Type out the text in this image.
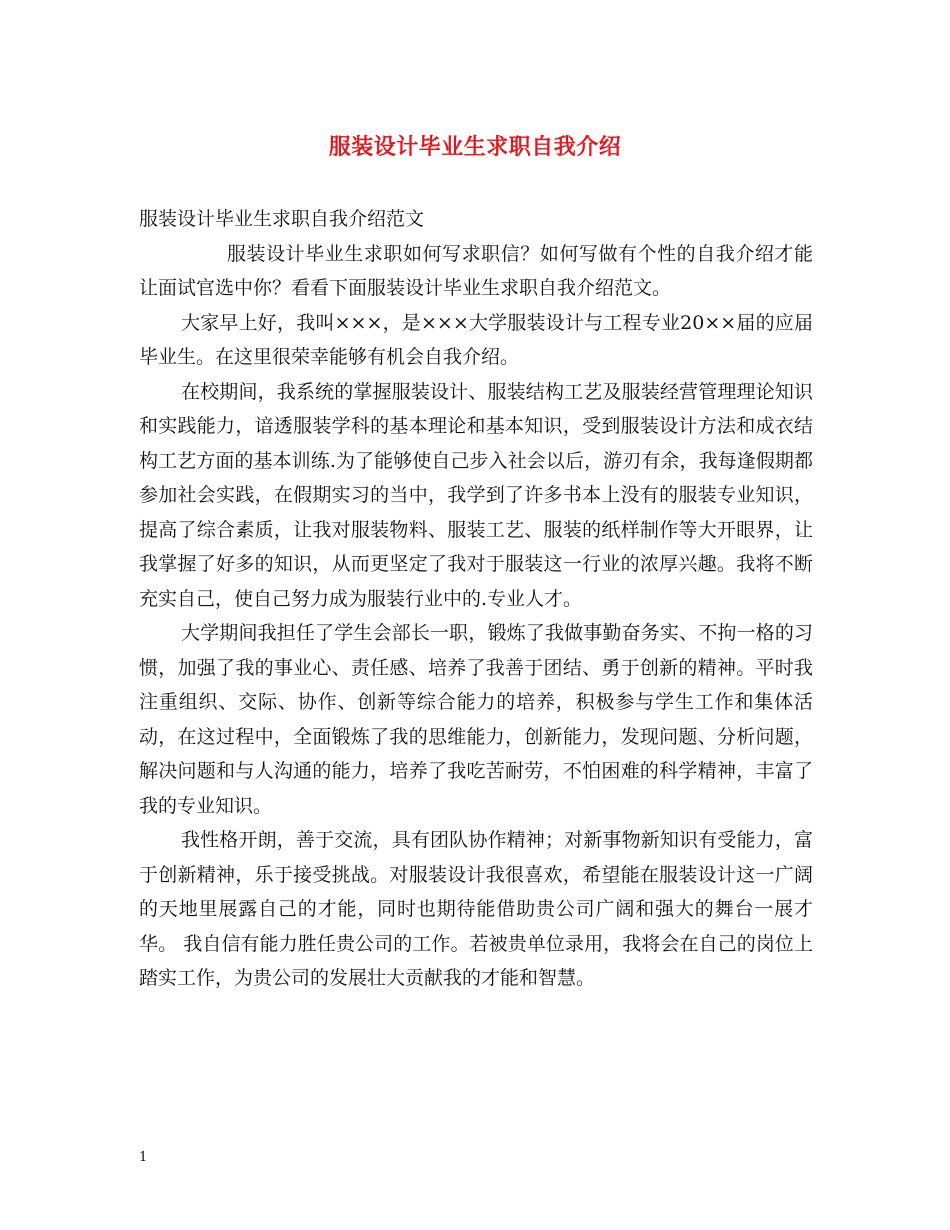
服装设计毕业生求职自我介绍

服装设计毕业生求职自我介绍范文

服装设计毕业生求职如何写求职信？如何写做有个性的自我介绍才能让面试官选中你？看看下面服装设计毕业生求职自我介绍范文。

大家早上好，我叫×××，是×××大学服装设计与工程专业20××届的应届毕业生。在这里很荣幸能够有机会自我介绍。

在校期间，我系统的掌握服装设计、服装结构工艺及服装经营管理理论知识和实践能力，谙透服装学科的基本理论和基本知识，受到服装设计方法和成衣结构工艺方面的基本训练.为了能够使自己步入社会以后，游刃有余，我每逢假期都参加社会实践，在假期实习的当中，我学到了许多书本上没有的服装专业知识，提高了综合素质，让我对服装物料、服装工艺、服装的纸样制作等大开眼界，让我掌握了好多的知识，从而更坚定了我对于服装这一行业的浓厚兴趣。我将不断充实自己，使自己努力成为服装行业中的.专业人才。

大学期间我担任了学生会部长一职，锻炼了我做事勤奋务实、不拘一格的习惯，加强了我的事业心、责任感、培养了我善于团结、勇于创新的精神。平时我注重组织、交际、协作、创新等综合能力的培养，积极参与学生工作和集体活动，在这过程中，全面锻炼了我的思维能力，创新能力，发现问题、分析问题，解决问题和与人沟通的能力，培养了我吃苦耐劳，不怕困难的科学精神，丰富了我的专业知识。

我性格开朗，善于交流，具有团队协作精神；对新事物新知识有受能力，富于创新精神，乐于接受挑战。对服装设计我很喜欢，希望能在服装设计这一广阔的天地里展露自己的才能，同时也期待能借助贵公司广阔和强大的舞台一展才华。 我自信有能力胜任贵公司的工作。若被贵单位录用，我将会在自己的岗位上踏实工作，为贵公司的发展壮大贡献我的才能和智慧。

1
